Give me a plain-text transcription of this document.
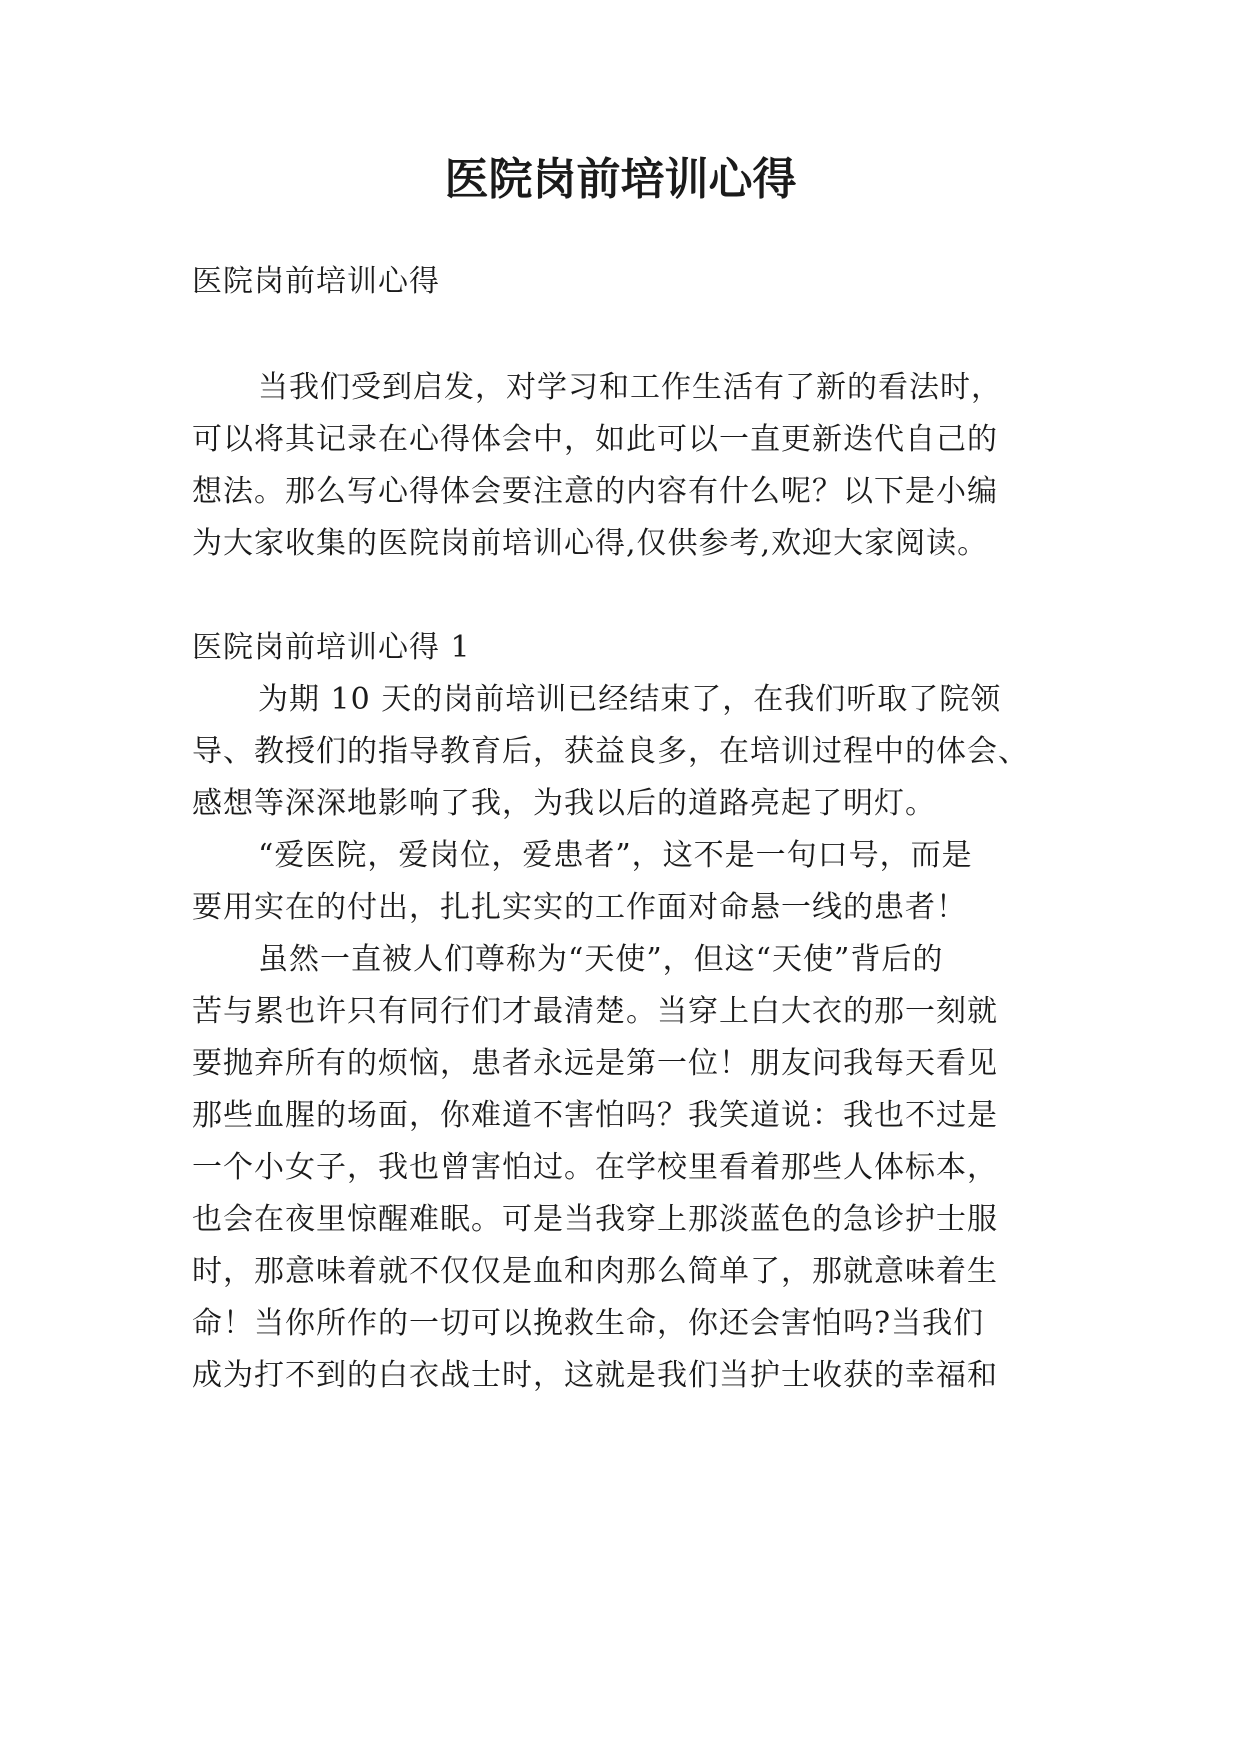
医院岗前培训心得
医院岗前培训心得
当我们受到启发，对学习和工作生活有了新的看法时，
可以将其记录在心得体会中，如此可以一直更新迭代自己的
想法。那么写心得体会要注意的内容有什么呢？以下是小编
为大家收集的医院岗前培训心得,仅供参考,欢迎大家阅读。
医院岗前培训心得 1
为期 10 天的岗前培训已经结束了，在我们听取了院领
导、教授们的指导教育后，获益良多，在培训过程中的体会、
感想等深深地影响了我，为我以后的道路亮起了明灯。
“爱医院，爱岗位，爱患者”，这不是一句口号，而是
要用实在的付出，扎扎实实的工作面对命悬一线的患者！
虽然一直被人们尊称为“天使”，但这“天使”背后的
苦与累也许只有同行们才最清楚。当穿上白大衣的那一刻就
要抛弃所有的烦恼，患者永远是第一位！朋友问我每天看见
那些血腥的场面，你难道不害怕吗？我笑道说：我也不过是
一个小女子，我也曾害怕过。在学校里看着那些人体标本，
也会在夜里惊醒难眠。可是当我穿上那淡蓝色的急诊护士服
时，那意味着就不仅仅是血和肉那么简单了，那就意味着生
命！当你所作的一切可以挽救生命，你还会害怕吗?当我们
成为打不到的白衣战士时，这就是我们当护士收获的幸福和
